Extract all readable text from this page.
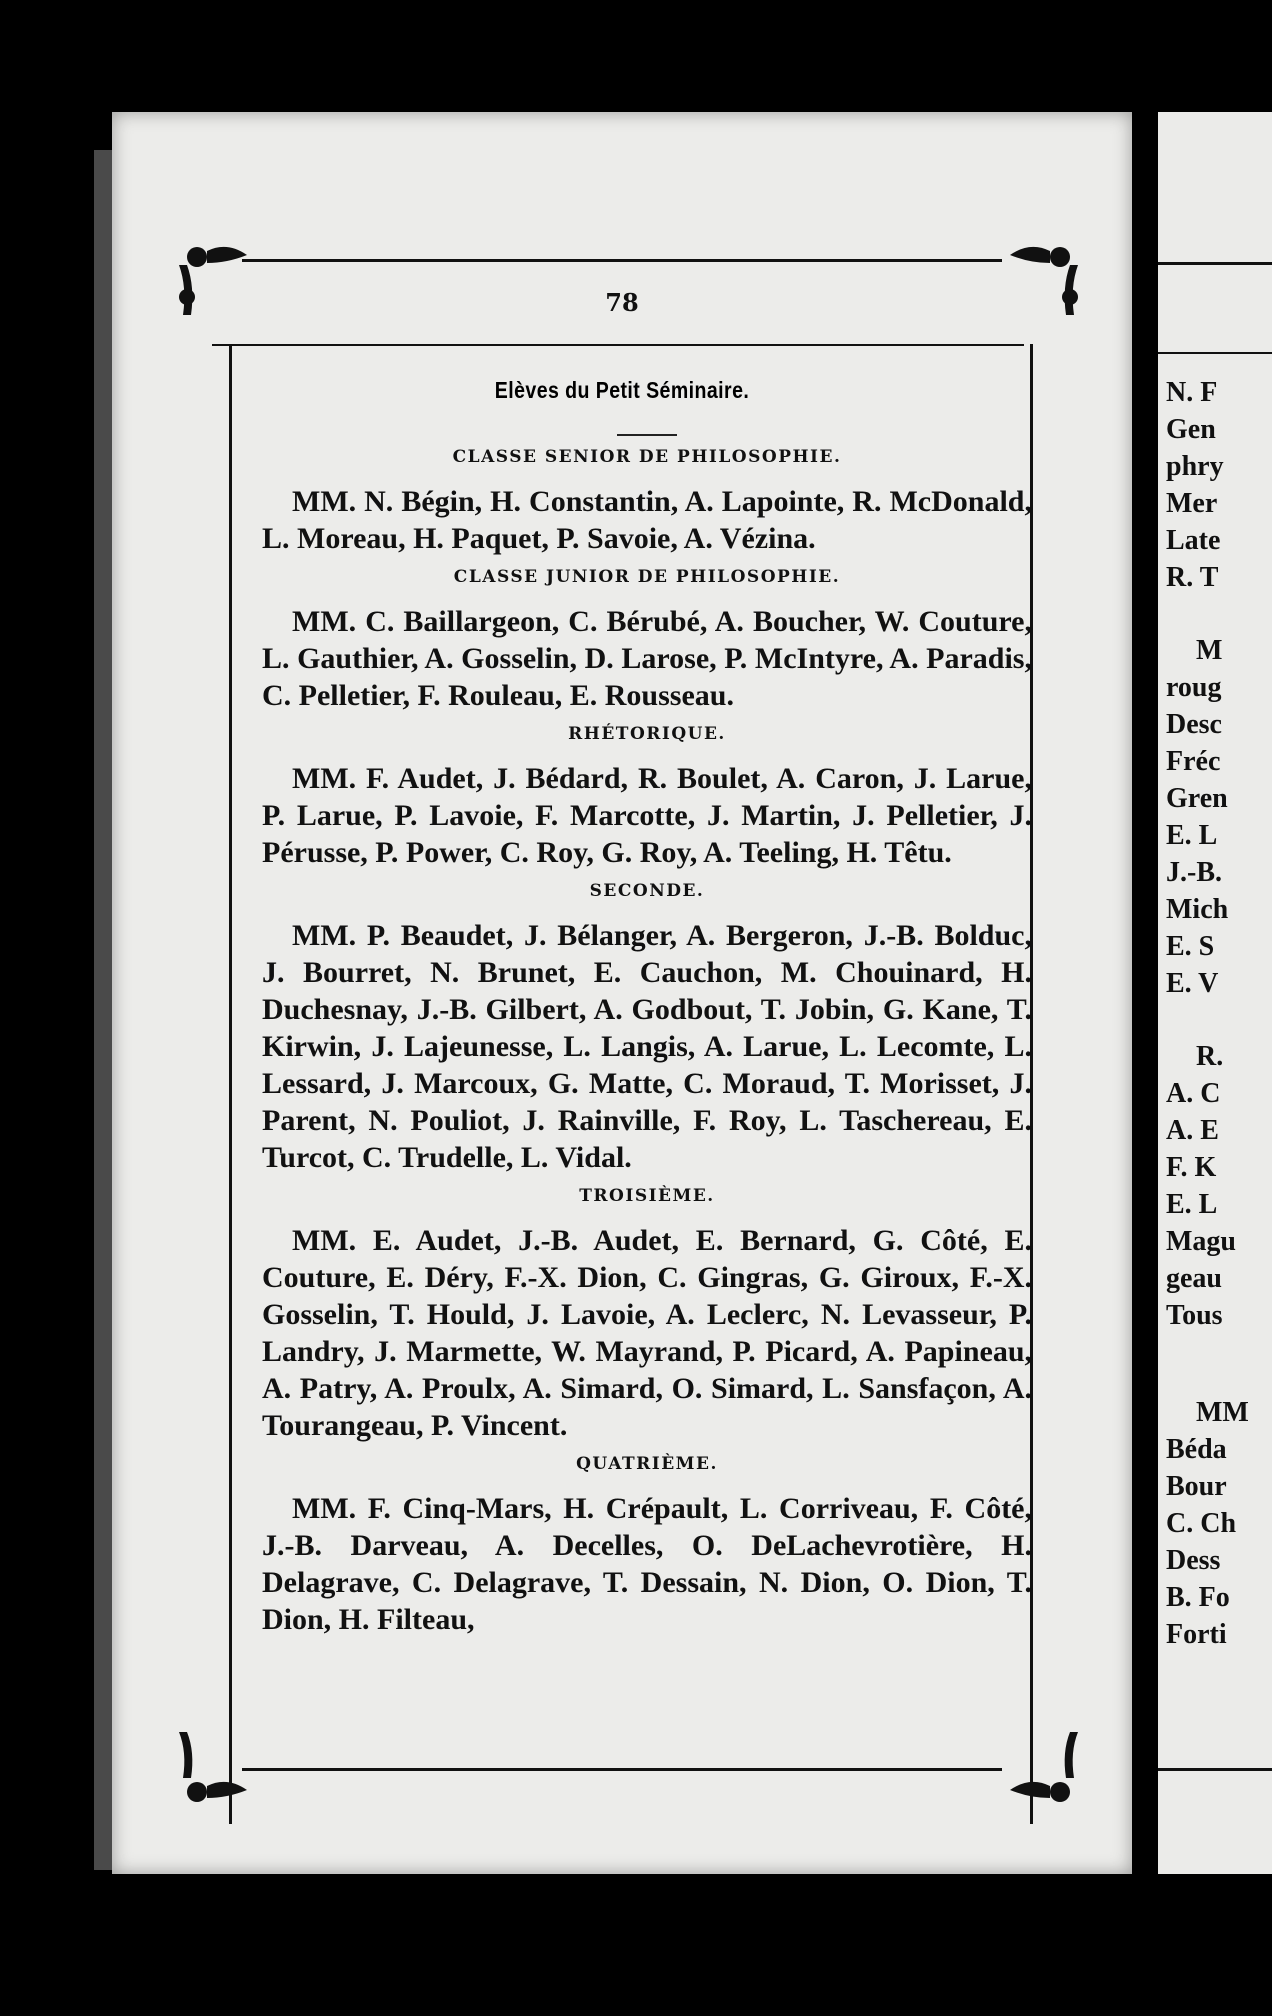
78
Elèves du Petit Séminaire.
CLASSE SENIOR DE PHILOSOPHIE.
MM. N. Bégin, H. Constantin, A. Lapointe, R. McDonald, L. Moreau, H. Paquet, P. Savoie, A. Vézina.
CLASSE JUNIOR DE PHILOSOPHIE.
MM. C. Baillargeon, C. Bérubé, A. Boucher, W. Couture, L. Gauthier, A. Gosselin, D. Larose, P. McIntyre, A. Paradis, C. Pelletier, F. Rouleau, E. Rousseau.
RHÉTORIQUE.
MM. F. Audet, J. Bédard, R. Boulet, A. Caron, J. Larue, P. Larue, P. Lavoie, F. Marcotte, J. Martin, J. Pelletier, J. Pérusse, P. Power, C. Roy, G. Roy, A. Teeling, H. Têtu.
SECONDE.
MM. P. Beaudet, J. Bélanger, A. Bergeron, J.-B. Bolduc, J. Bourret, N. Brunet, E. Cauchon, M. Chouinard, H. Duchesnay, J.-B. Gilbert, A. Godbout, T. Jobin, G. Kane, T. Kirwin, J. Lajeunesse, L. Langis, A. Larue, L. Lecomte, L. Lessard, J. Marcoux, G. Matte, C. Moraud, T. Morisset, J. Parent, N. Pouliot, J. Rainville, F. Roy, L. Taschereau, E. Turcot, C. Trudelle, L. Vidal.
TROISIÈME.
MM. E. Audet, J.-B. Audet, E. Bernard, G. Côté, E. Couture, E. Déry, F.-X. Dion, C. Gingras, G. Giroux, F.-X. Gosselin, T. Hould, J. Lavoie, A. Leclerc, N. Levasseur, P. Landry, J. Marmette, W. Mayrand, P. Picard, A. Papineau, A. Patry, A. Proulx, A. Simard, O. Simard, L. Sansfaçon, A. Tourangeau, P. Vincent.
QUATRIÈME.
MM. F. Cinq-Mars, H. Crépault, L. Corriveau, F. Côté, J.-B. Darveau, A. Decelles, O. DeLachevrotière, H. Delagrave, C. Delagrave, T. Dessain, N. Dion, O. Dion, T. Dion, H. Filteau,
N. F
Gen
phry
Mer
Late
R. T
M
roug
Desc
Fréc
Gren
E. L
J.-B.
Mich
E. S
E. V
R.
A. C
A. E
F. K
E. L
Magu
geau
Tous
MM
Béda
Bour
C. Ch
Dess
B. Fo
Forti
